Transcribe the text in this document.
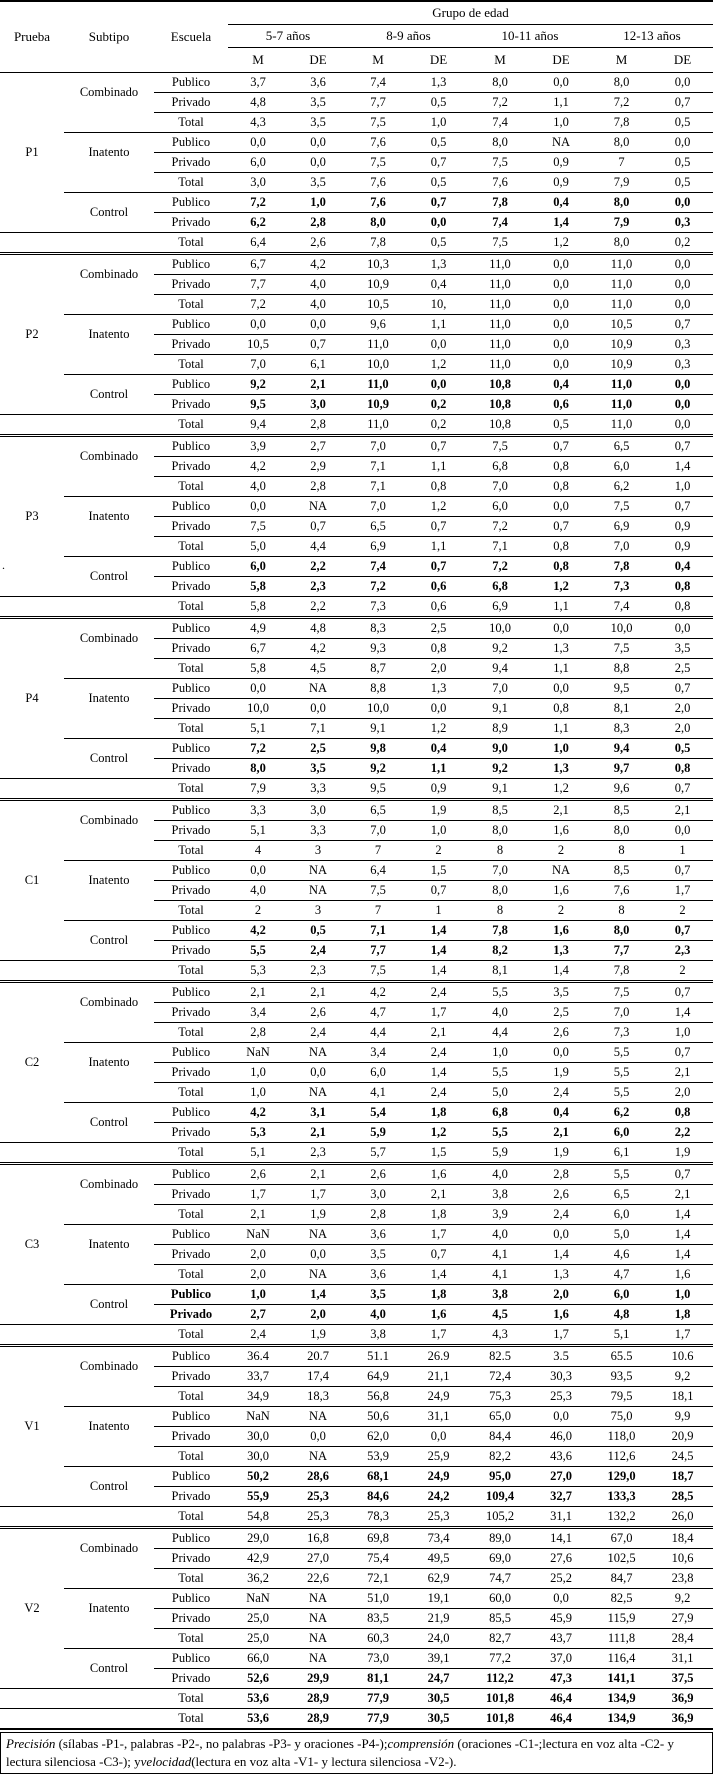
.
Prueba	Subtipo	Escuela	Grupo de edad							
			5-7 años		8-9 años		10-11 años		12-13 años	
			M	DE	M	DE	M	DE	M	DE
P1	Combinado	Publico	3,7	3,6	7,4	1,3	8,0	0,0	8,0	0,0
		Privado	4,8	3,5	7,7	0,5	7,2	1,1	7,2	0,7
		Total	4,3	3,5	7,5	1,0	7,4	1,0	7,8	0,5
	Inatento	Publico	0,0	0,0	7,6	0,5	8,0	NA	8,0	0,0
		Privado	6,0	0,0	7,5	0,7	7,5	0,9	7	0,5
		Total	3,0	3,5	7,6	0,5	7,6	0,9	7,9	0,5
	Control	Publico	7,2	1,0	7,6	0,7	7,8	0,4	8,0	0,0
		Privado	6,2	2,8	8,0	0,0	7,4	1,4	7,9	0,3
		Total	6,4	2,6	7,8	0,5	7,5	1,2	8,0	0,2
P2	Combinado	Publico	6,7	4,2	10,3	1,3	11,0	0,0	11,0	0,0
		Privado	7,7	4,0	10,9	0,4	11,0	0,0	11,0	0,0
		Total	7,2	4,0	10,5	10,	11,0	0,0	11,0	0,0
	Inatento	Publico	0,0	0,0	9,6	1,1	11,0	0,0	10,5	0,7
		Privado	10,5	0,7	11,0	0,0	11,0	0,0	10,9	0,3
		Total	7,0	6,1	10,0	1,2	11,0	0,0	10,9	0,3
	Control	Publico	9,2	2,1	11,0	0,0	10,8	0,4	11,0	0,0
		Privado	9,5	3,0	10,9	0,2	10,8	0,6	11,0	0,0
		Total	9,4	2,8	11,0	0,2	10,8	0,5	11,0	0,0
P3	Combinado	Publico	3,9	2,7	7,0	0,7	7,5	0,7	6,5	0,7
		Privado	4,2	2,9	7,1	1,1	6,8	0,8	6,0	1,4
		Total	4,0	2,8	7,1	0,8	7,0	0,8	6,2	1,0
	Inatento	Publico	0,0	NA	7,0	1,2	6,0	0,0	7,5	0,7
		Privado	7,5	0,7	6,5	0,7	7,2	0,7	6,9	0,9
		Total	5,0	4,4	6,9	1,1	7,1	0,8	7,0	0,9
	Control	Publico	6,0	2,2	7,4	0,7	7,2	0,8	7,8	0,4
		Privado	5,8	2,3	7,2	0,6	6,8	1,2	7,3	0,8
		Total	5,8	2,2	7,3	0,6	6,9	1,1	7,4	0,8
P4	Combinado	Publico	4,9	4,8	8,3	2,5	10,0	0,0	10,0	0,0
		Privado	6,7	4,2	9,3	0,8	9,2	1,3	7,5	3,5
		Total	5,8	4,5	8,7	2,0	9,4	1,1	8,8	2,5
	Inatento	Publico	0,0	NA	8,8	1,3	7,0	0,0	9,5	0,7
		Privado	10,0	0,0	10,0	0,0	9,1	0,8	8,1	2,0
		Total	5,1	7,1	9,1	1,2	8,9	1,1	8,3	2,0
	Control	Publico	7,2	2,5	9,8	0,4	9,0	1,0	9,4	0,5
		Privado	8,0	3,5	9,2	1,1	9,2	1,3	9,7	0,8
		Total	7,9	3,3	9,5	0,9	9,1	1,2	9,6	0,7
C1	Combinado	Publico	3,3	3,0	6,5	1,9	8,5	2,1	8,5	2,1
		Privado	5,1	3,3	7,0	1,0	8,0	1,6	8,0	0,0
		Total	4	3	7	2	8	2	8	1
	Inatento	Publico	0,0	NA	6,4	1,5	7,0	NA	8,5	0,7
		Privado	4,0	NA	7,5	0,7	8,0	1,6	7,6	1,7
		Total	2	3	7	1	8	2	8	2
	Control	Publico	4,2	0,5	7,1	1,4	7,8	1,6	8,0	0,7
		Privado	5,5	2,4	7,7	1,4	8,2	1,3	7,7	2,3
		Total	5,3	2,3	7,5	1,4	8,1	1,4	7,8	2
C2	Combinado	Publico	2,1	2,1	4,2	2,4	5,5	3,5	7,5	0,7
		Privado	3,4	2,6	4,7	1,7	4,0	2,5	7,0	1,4
		Total	2,8	2,4	4,4	2,1	4,4	2,6	7,3	1,0
	Inatento	Publico	NaN	NA	3,4	2,4	1,0	0,0	5,5	0,7
		Privado	1,0	0,0	6,0	1,4	5,5	1,9	5,5	2,1
		Total	1,0	NA	4,1	2,4	5,0	2,4	5,5	2,0
	Control	Publico	4,2	3,1	5,4	1,8	6,8	0,4	6,2	0,8
		Privado	5,3	2,1	5,9	1,2	5,5	2,1	6,0	2,2
		Total	5,1	2,3	5,7	1,5	5,9	1,9	6,1	1,9
C3	Combinado	Publico	2,6	2,1	2,6	1,6	4,0	2,8	5,5	0,7
		Privado	1,7	1,7	3,0	2,1	3,8	2,6	6,5	2,1
		Total	2,1	1,9	2,8	1,8	3,9	2,4	6,0	1,4
	Inatento	Publico	NaN	NA	3,6	1,7	4,0	0,0	5,0	1,4
		Privado	2,0	0,0	3,5	0,7	4,1	1,4	4,6	1,4
		Total	2,0	NA	3,6	1,4	4,1	1,3	4,7	1,6
	Control	Publico	1,0	1,4	3,5	1,8	3,8	2,0	6,0	1,0
		Privado	2,7	2,0	4,0	1,6	4,5	1,6	4,8	1,8
		Total	2,4	1,9	3,8	1,7	4,3	1,7	5,1	1,7
V1	Combinado	Publico	36.4	20.7	51.1	26.9	82.5	3.5	65.5	10.6
		Privado	33,7	17,4	64,9	21,1	72,4	30,3	93,5	9,2
		Total	34,9	18,3	56,8	24,9	75,3	25,3	79,5	18,1
	Inatento	Publico	NaN	NA	50,6	31,1	65,0	0,0	75,0	9,9
		Privado	30,0	0,0	62,0	0,0	84,4	46,0	118,0	20,9
		Total	30,0	NA	53,9	25,9	82,2	43,6	112,6	24,5
	Control	Publico	50,2	28,6	68,1	24,9	95,0	27,0	129,0	18,7
		Privado	55,9	25,3	84,6	24,2	109,4	32,7	133,3	28,5
		Total	54,8	25,3	78,3	25,3	105,2	31,1	132,2	26,0
V2	Combinado	Publico	29,0	16,8	69,8	73,4	89,0	14,1	67,0	18,4
		Privado	42,9	27,0	75,4	49,5	69,0	27,6	102,5	10,6
		Total	36,2	22,6	72,1	62,9	74,7	25,2	84,7	23,8
	Inatento	Publico	NaN	NA	51,0	19,1	60,0	0,0	82,5	9,2
		Privado	25,0	NA	83,5	21,9	85,5	45,9	115,9	27,9
		Total	25,0	NA	60,3	24,0	82,7	43,7	111,8	28,4
	Control	Publico	66,0	NA	73,0	39,1	77,2	37,0	116,4	31,1
		Privado	52,6	29,9	81,1	24,7	112,2	47,3	141,1	37,5
		Total	53,6	28,9	77,9	30,5	101,8	46,4	134,9	36,9
		Total	53,6	28,9	77,9	30,5	101,8	46,4	134,9	36,9
Precisión (sílabas -P1-, palabras -P2-, no palabras -P3- y oraciones -P4-);comprensión (oraciones -C1-;lectura en voz alta -C2- y lectura silenciosa -C3-); yvelocidad(lectura en voz alta -V1- y lectura silenciosa -V2-).
